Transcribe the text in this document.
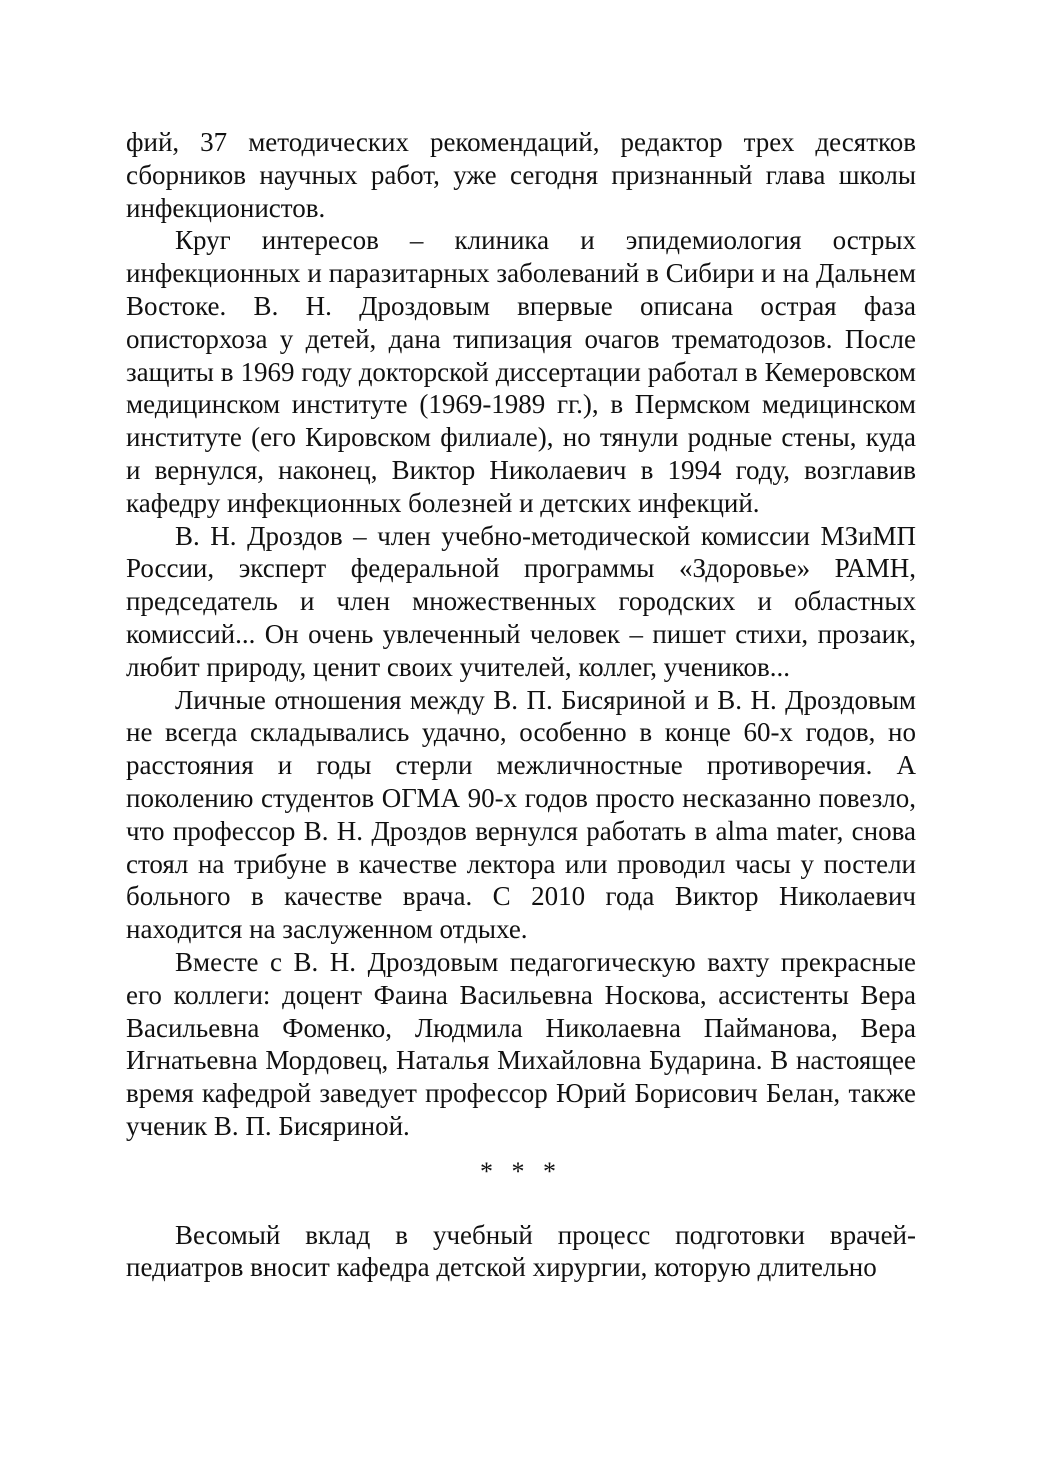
фий, 37 методических рекомендаций, редактор трех десятков сборников научных работ, уже сегодня признанный глава школы инфекционистов.

Круг интересов – клиника и эпидемиология острых инфекционных и паразитарных заболеваний в Сибири и на Дальнем Востоке. В. Н. Дроздовым впервые описана острая фаза описторхоза у детей, дана типизация очагов трематодозов. После защиты в 1969 году докторской диссертации работал в Кемеровском медицинском институте (1969-1989 гг.), в Пермском медицинском институте (его Кировском филиале), но тянули родные стены, куда и вернулся, наконец, Виктор Николаевич в 1994 году, возглавив кафедру инфекционных болезней и детских инфекций.

В. Н. Дроздов – член учебно-методической комиссии МЗиМП России, эксперт федеральной программы «Здоровье» РАМН, председатель и член множественных городских и областных комиссий... Он очень увлеченный человек – пишет стихи, прозаик, любит природу, ценит своих учителей, коллег, учеников...

Личные отношения между В. П. Бисяриной и В. Н. Дроздовым не всегда складывались удачно, особенно в конце 60-х годов, но расстояния и годы стерли межличностные противоречия. А поколению студентов ОГМА 90-х годов просто несказанно повезло, что профессор В. Н. Дроздов вернулся работать в alma mater, снова стоял на трибуне в качестве лектора или проводил часы у постели больного в качестве врача. С 2010 года Виктор Николаевич находится на заслуженном отдыхе.

Вместе с В. Н. Дроздовым педагогическую вахту прекрасные его коллеги: доцент Фаина Васильевна Носкова, ассистенты Вера Васильевна Фоменко, Людмила Николаевна Пайманова, Вера Игнатьевна Мордовец, Наталья Михайловна Бударина. В настоящее время кафедрой заведует профессор Юрий Борисович Белан, также ученик В. П. Бисяриной.

* * *

Весомый вклад в учебный процесс подготовки врачей-педиатров вносит кафедра детской хирургии, которую длительно
